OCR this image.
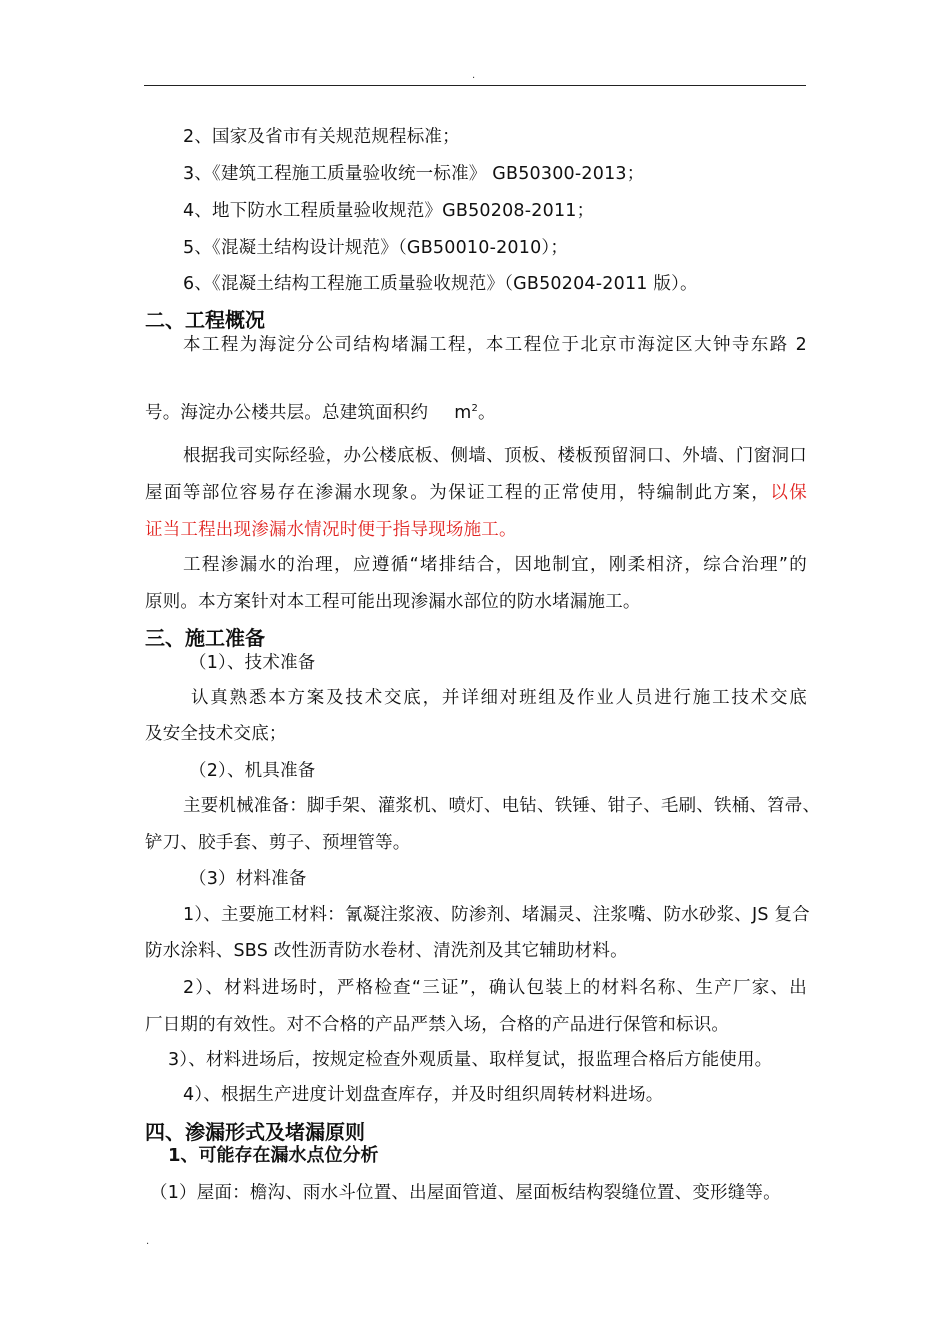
.
2、国家及省市有关规范规程标准；
3、《建筑工程施工质量验收统一标准》 GB50300-2013；
4、地下防水工程质量验收规范》GB50208-2011；
5、《混凝土结构设计规范》（GB50010-2010）；
6、《混凝土结构工程施工质量验收规范》（GB50204-2011 版）。
二、工程概况
本工程为海淀分公司结构堵漏工程，本工程位于北京市海淀区大钟寺东路 2
号。海淀办公楼共层。总建筑面积约 $m^2$。
根据我司实际经验，办公楼底板、侧墙、顶板、楼板预留洞口、外墙、门窗洞口
屋面等部位容易存在渗漏水现象。为保证工程的正常使用，特编制此方案，以保
证当工程出现渗漏水情况时便于指导现场施工。
工程渗漏水的治理，应遵循“堵排结合，因地制宜，刚柔相济，综合治理”的
原则。本方案针对本工程可能出现渗漏水部位的防水堵漏施工。
三、施工准备
（1）、技术准备
认真熟悉本方案及技术交底，并详细对班组及作业人员进行施工技术交底
及安全技术交底；
（2）、机具准备
主要机械准备：脚手架、灌浆机、喷灯、电钻、铁锤、钳子、毛刷、铁桶、笤帚、
铲刀、胶手套、剪子、预埋管等。
（3）材料准备
1）、主要施工材料：氰凝注浆液、防渗剂、堵漏灵、注浆嘴、防水砂浆、JS 复合
防水涂料、SBS 改性沥青防水卷材、清洗剂及其它辅助材料。
2）、材料进场时，严格检查“三证”，确认包装上的材料名称、生产厂家、出
厂日期的有效性。对不合格的产品严禁入场，合格的产品进行保管和标识。
3）、材料进场后，按规定检查外观质量、取样复试，报监理合格后方能使用。
4）、根据生产进度计划盘查库存，并及时组织周转材料进场。
四、渗漏形式及堵漏原则
1、可能存在漏水点位分析
（1）屋面：檐沟、雨水斗位置、出屋面管道、屋面板结构裂缝位置、变形缝等。
.
